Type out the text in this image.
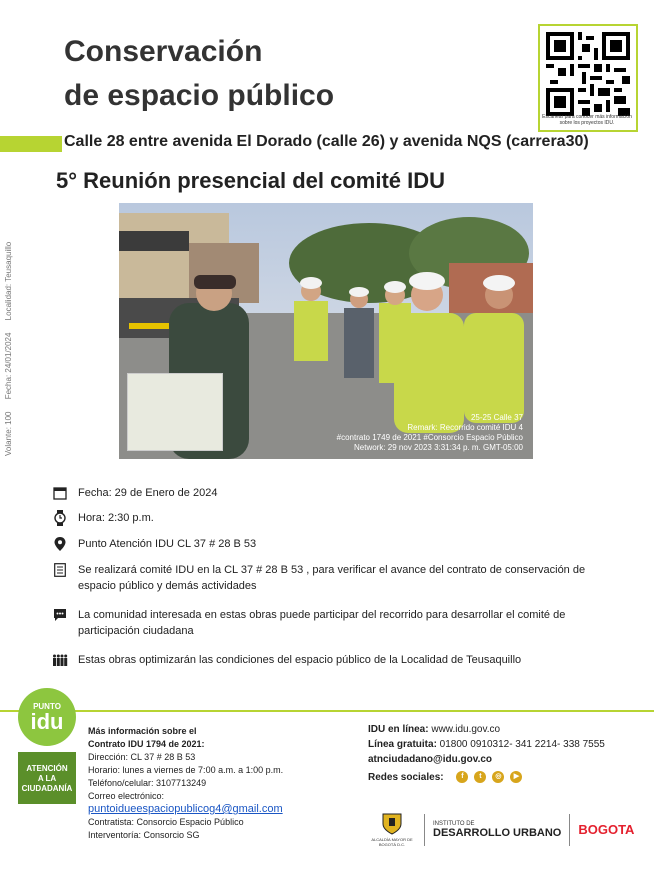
Conservación
de espacio público
Calle 28 entre avenida El Dorado (calle 26) y avenida NQS (carrera30)
5° Reunión presencial del comité IDU
Escanear para conocer más información sobre los proyectos IDU.
Volante: 100 Fecha: 24/01/2024 Localidad: Teusaquillo
25-25 Calle 37
Remark: Recorrido comité IDU 4
#contrato 1749 de 2021 #Consorcio Espacio Público
Network: 29 nov 2023 3:31:34 p. m. GMT-05:00
Fecha: 29 de Enero de 2024
Hora: 2:30 p.m.
Punto Atención IDU CL 37 # 28 B 53
Se realizará comité IDU en la CL 37 # 28 B 53 , para verificar el avance del contrato de conservación de espacio público y demás actividades
La comunidad interesada en estas obras puede participar del recorrido para desarrollar el comité de participación ciudadana
Estas obras optimizarán las condiciones del espacio público de la Localidad de Teusaquillo
PUNTO
idu
ATENCIÓN
A LA
CIUDADANÍA
Más información sobre el
Contrato IDU 1794 de 2021:
Dirección: CL 37 # 28 B 53
Horario: lunes a viernes de 7:00 a.m. a 1:00 p.m.
Teléfono/celular: 3107713249
Correo electrónico:
puntoidueespaciopublicog4@gmail.com
Contratista: Consorcio Espacio Público
Interventoría: Consorcio SG
IDU en línea: www.idu.gov.co
Línea gratuita: 01800 0910312- 341 2214- 338 7555
atnciudadano@idu.gov.co
Redes sociales:	f	t	◎	▶
ALCALDÍA MAYOR DE BOGOTÁ D.C.
INSTITUTO DE
DESARROLLO URBANO BOGOTA
